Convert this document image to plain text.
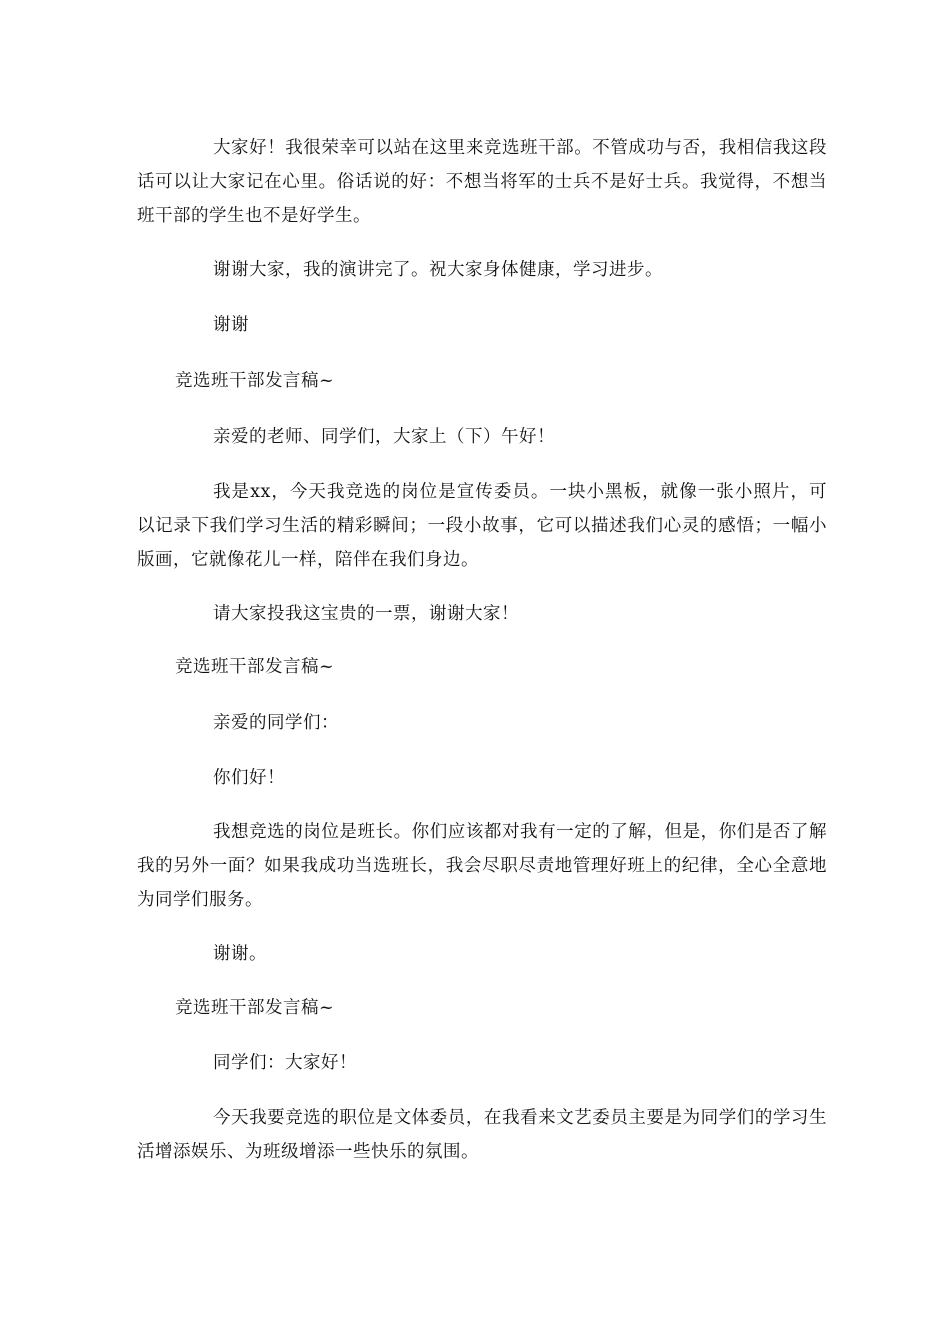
大家好！我很荣幸可以站在这里来竞选班干部。不管成功与否，我相信我这段话可以让大家记在心里。俗话说的好：不想当将军的士兵不是好士兵。我觉得，不想当班干部的学生也不是好学生。

谢谢大家，我的演讲完了。祝大家身体健康，学习进步。

谢谢

竞选班干部发言稿~

亲爱的老师、同学们，大家上（下）午好！

我是xx，今天我竞选的岗位是宣传委员。一块小黑板，就像一张小照片，可以记录下我们学习生活的精彩瞬间；一段小故事，它可以描述我们心灵的感悟；一幅小版画，它就像花儿一样，陪伴在我们身边。

请大家投我这宝贵的一票，谢谢大家！

竞选班干部发言稿~

亲爱的同学们：

你们好！

我想竞选的岗位是班长。你们应该都对我有一定的了解，但是，你们是否了解我的另外一面？如果我成功当选班长，我会尽职尽责地管理好班上的纪律，全心全意地为同学们服务。

谢谢。

竞选班干部发言稿~

同学们：大家好！

今天我要竞选的职位是文体委员，在我看来文艺委员主要是为同学们的学习生活增添娱乐、为班级增添一些快乐的氛围。
